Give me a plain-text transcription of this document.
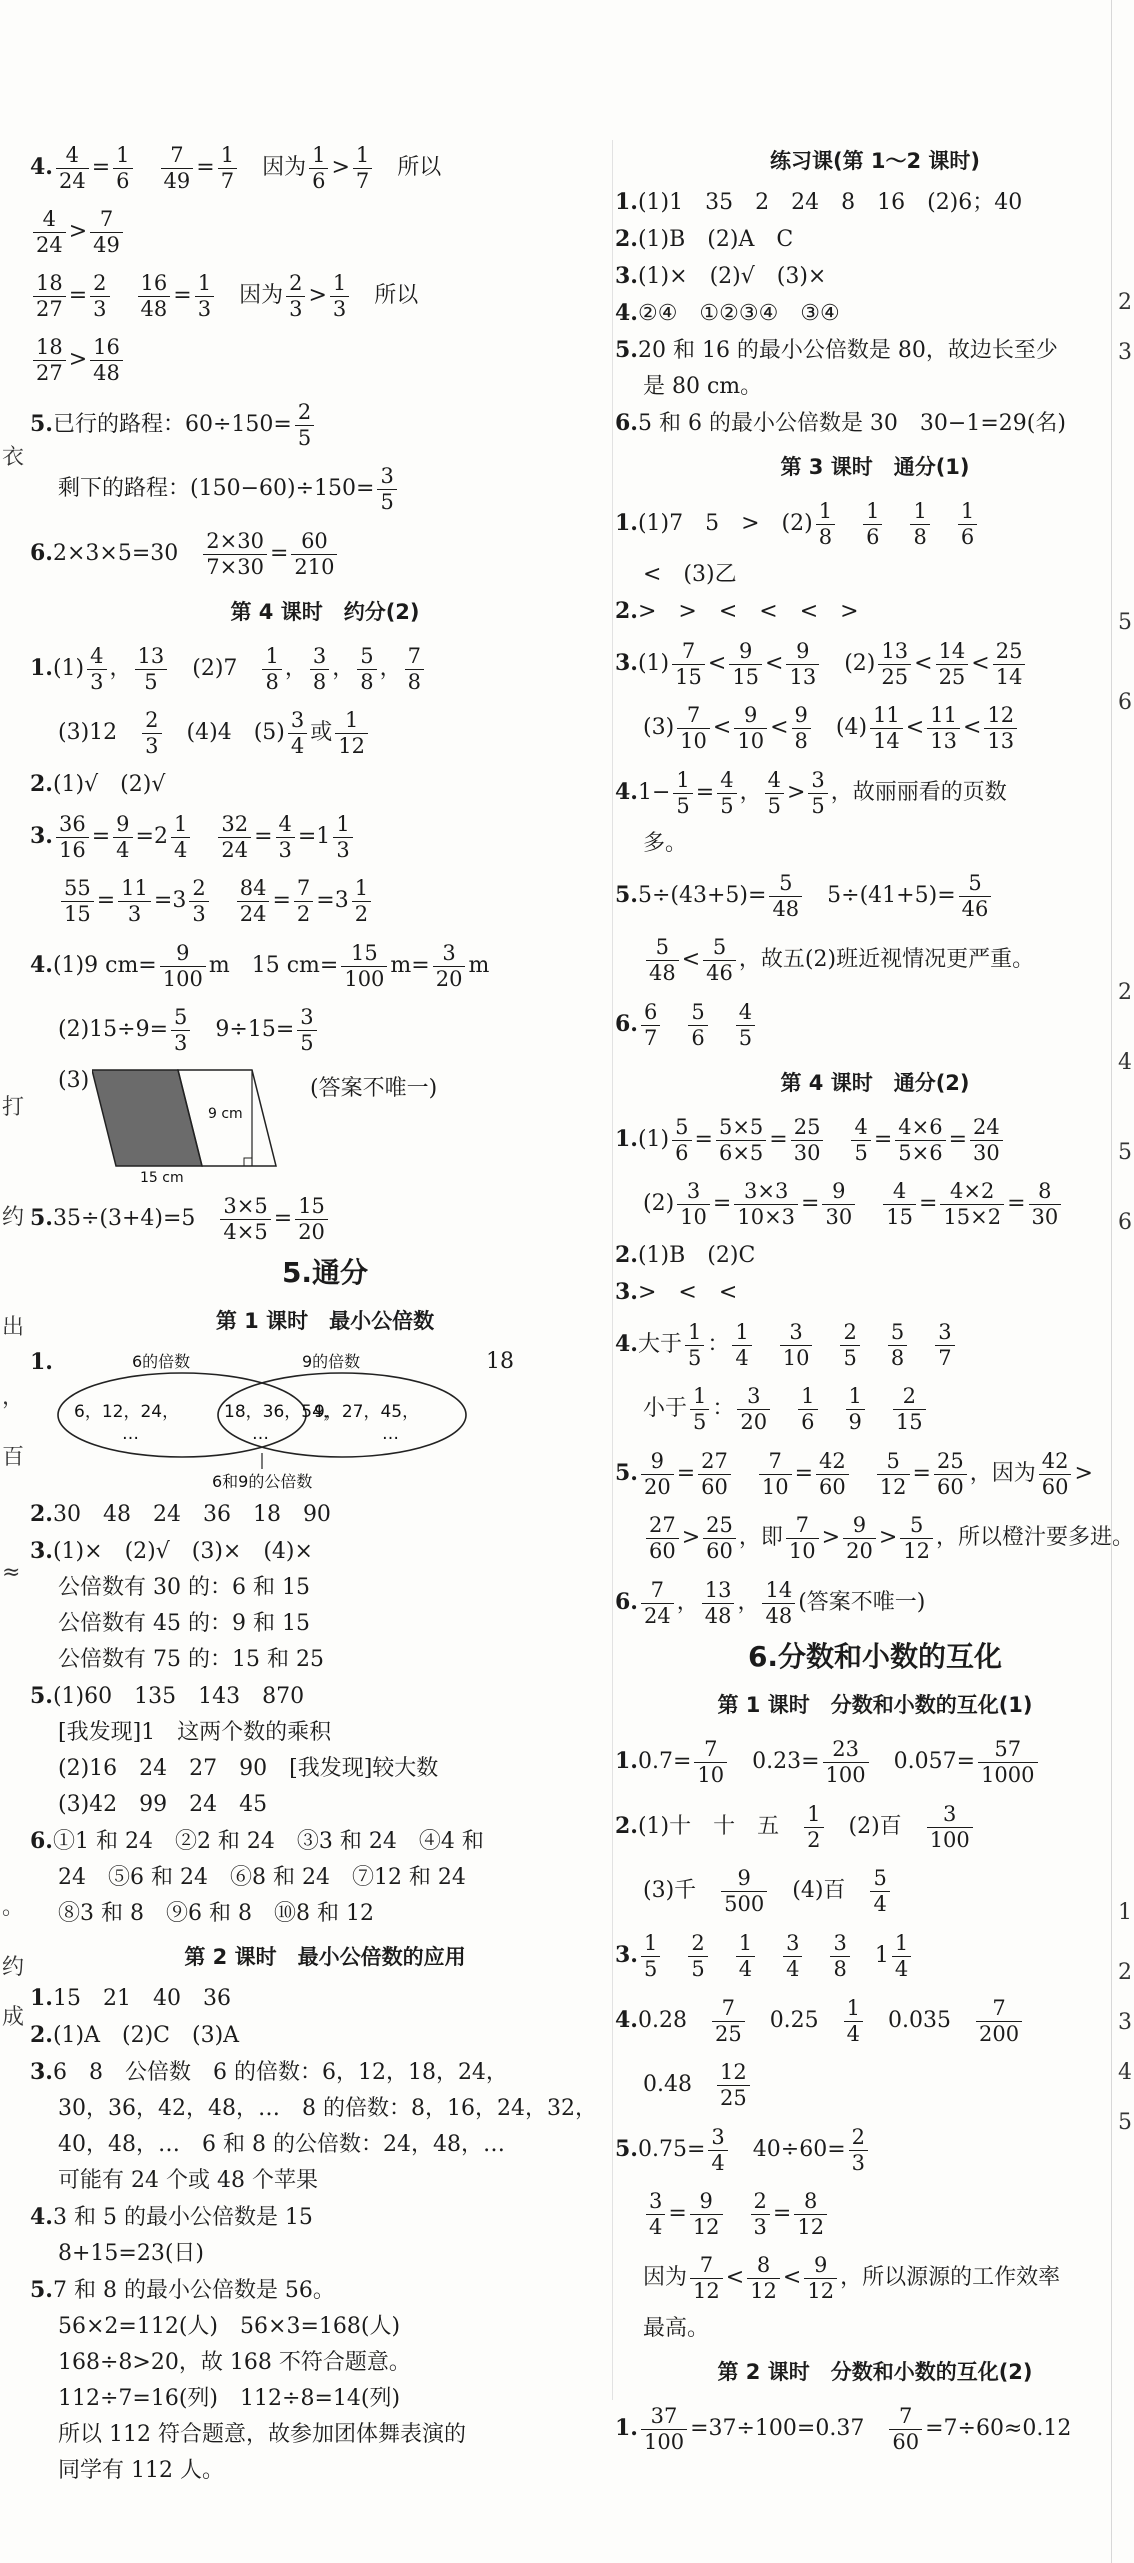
衣
打
约
出
，
百
≈
。
约
成
2
3
5
6
2
4
5
6
1
2
3
4
5
4. $\frac{4}{24} = \frac{1}{6} \frac{7}{49} = \frac{1}{7}$ 因为 $\frac{1}{6} > \frac{1}{7}$ 所以
$\frac{4}{24} > \frac{7}{49}$
$\frac{18}{27} = \frac{2}{3} \frac{16}{48} = \frac{1}{3}$ 因为 $\frac{2}{3} > \frac{1}{3}$ 所以
$\frac{18}{27} > \frac{16}{48}$
5.已行的路程：$60\div 150= \frac{2}{5}$
剩下的路程：$(150-60)\div 150= \frac{3}{5}$
$6.2\times 3\times 5=30 \frac{2\times 30}{7\times 30} = \frac{60}{210}$
第 4 课时　约分(2)
$1.(1) \frac{4}{3}$ ， $\frac{13}{5} (2)7 \frac{1}{8}$ ， $\frac{3}{8}$ ， $\frac{5}{8}$ ， $\frac{7}{8}$
$(3)12 \frac{2}{3} (4)4$ $(5) \frac{3}{4}$ 或 $\frac{1}{12}$
2.(1)√　(2)√
3. $\frac{36}{16} = \frac{9}{4} =2 \frac{1}{4} \frac{32}{24} = \frac{4}{3} =1 \frac{1}{3}$
$\frac{55}{15} = \frac{11}{3} =3 \frac{2}{3} \frac{84}{24} = \frac{7}{2} =3 \frac{1}{2}$
4.(1)9 $cm= \frac{9}{100}$ m 15 $cm= \frac{15}{100} m= \frac{3}{20}$ m
$(2)15\div 9= \frac{5}{3} 9\div 15= \frac{3}{5}$
(3)
9 cm
15 cm
(答案不唯一)
$5.35\div(3+4)=5 \frac{3\times 5}{4\times 5} = \frac{15}{20}$
5.通分
第 1 课时　最小公倍数
1.	18
6的倍数	9的倍数
6，12，24，	9，27，45，
18，36，54，
…	…	…
6和9的公倍数
2.30　48　24　36　18　90
3.(1)×　(2)√　(3)×　(4)×
公倍数有 30 的：6 和 15
公倍数有 45 的：9 和 15
公倍数有 75 的：15 和 25
5.(1)60　135　143　870
[我发现]1　这两个数的乘积
(2)16　24　27　90　[我发现]较大数
(3)42　99　24　45
6.①1 和 24　②2 和 24　③3 和 24　④4 和
24　⑤6 和 24　⑥8 和 24　⑦12 和 24
⑧3 和 8　⑨6 和 8　⑩8 和 12
第 2 课时　最小公倍数的应用
1.15　21　40　36
2.(1)A　(2)C　(3)A
3.6　8　公倍数　6 的倍数：6，12，18，24，
30，36，42，48，…　8 的倍数：8，16，24，32，
40，48，…　6 和 8 的公倍数：24，48，…
可能有 24 个或 48 个苹果
4.3 和 5 的最小公倍数是 15
8+15=23(日)
5.7 和 8 的最小公倍数是 56。
56×2=112(人)　56×3=168(人)
168÷8>20，故 168 不符合题意。
112÷7=16(列)　112÷8=14(列)
所以 112 符合题意，故参加团体舞表演的
同学有 112 人。
练习课(第 1～2 课时)
1.(1)1　35　2　24　8　16　(2)6；40
2.(1)B　(2)A　C
3.(1)×　(2)√　(3)×
4.②④　①②③④　③④
5.20 和 16 的最小公倍数是 80，故边长至少
是 80 cm。
6.5 和 6 的最小公倍数是 30　30−1=29(名)
第 3 课时　通分(1)
1.(1)7　5　>　$(2) \frac{1}{8} \frac{1}{6} \frac{1}{8} \frac{1}{6}$
<　(3)乙
2.>　>　<　<　<　>
$3.(1) \frac{7}{15} < \frac{9}{15} < \frac{9}{13} (2) \frac{13}{25} < \frac{14}{25} < \frac{25}{14}$
$(3) \frac{7}{10} < \frac{9}{10} < \frac{9}{8} (4) \frac{11}{14} < \frac{11}{13} < \frac{12}{13}$
$4.1- \frac{1}{5} = \frac{4}{5}$ ， $\frac{4}{5} > \frac{3}{5}$ ，故丽丽看的页数
多。
$5.5\div(43+5)= \frac{5}{48} 5\div(41+5)= \frac{5}{46}$
$\frac{5}{48} < \frac{5}{46}$ ，故五(2)班近视情况更严重。
6. $\frac{6}{7} \frac{5}{6} \frac{4}{5}$
第 4 课时　通分(2)
$1.(1) \frac{5}{6} = \frac{5\times 5}{6\times 5} = \frac{25}{30} \frac{4}{5} = \frac{4\times 6}{5\times 6} = \frac{24}{30}$
$(2) \frac{3}{10} = \frac{3\times 3}{10\times 3} = \frac{9}{30} \frac{4}{15} = \frac{4\times 2}{15\times 2} = \frac{8}{30}$
2.(1)B　(2)C
3.>　<　<
4.大于 $\frac{1}{5}$ ： $\frac{1}{4} \frac{3}{10} \frac{2}{5} \frac{5}{8} \frac{3}{7}$
小于 $\frac{1}{5}$ ： $\frac{3}{20} \frac{1}{6} \frac{1}{9} \frac{2}{15}$
5. $\frac{9}{20} = \frac{27}{60} \frac{7}{10} = \frac{42}{60} \frac{5}{12} = \frac{25}{60}$ ，因为 $\frac{42}{60}$ >
$\frac{27}{60} > \frac{25}{60}$ ，即 $\frac{7}{10} > \frac{9}{20} > \frac{5}{12}$ ，所以橙汁要多进。
6. $\frac{7}{24}$ ， $\frac{13}{48}$ ， $\frac{14}{48}$ (答案不唯一)
6.分数和小数的互化
第 1 课时　分数和小数的互化(1)
$1.0.7= \frac{7}{10} 0.23= \frac{23}{100} 0.057= \frac{57}{1000}$
2.(1)十　十　五 $\frac{1}{2} (2)$百 $\frac{3}{100}$
(3)千 $\frac{9}{500} (4)$百 $\frac{5}{4}$
3. $\frac{1}{5} \frac{2}{5} \frac{1}{4} \frac{3}{4} \frac{3}{8} 1 \frac{1}{4}$
$4.0.28 \frac{7}{25} 0.25 \frac{1}{4} 0.035 \frac{7}{200}$
$0.48 \frac{12}{25}$
$5.0.75= \frac{3}{4} 40\div 60= \frac{2}{3}$
$\frac{3}{4} = \frac{9}{12} \frac{2}{3} = \frac{8}{12}$
因为 $\frac{7}{12} < \frac{8}{12} < \frac{9}{12}$ ，所以源源的工作效率
最高。
第 2 课时　分数和小数的互化(2)
1. $\frac{37}{100} =37\div 100=0.37 \frac{7}{60} =7\div 60\approx 0.12$
